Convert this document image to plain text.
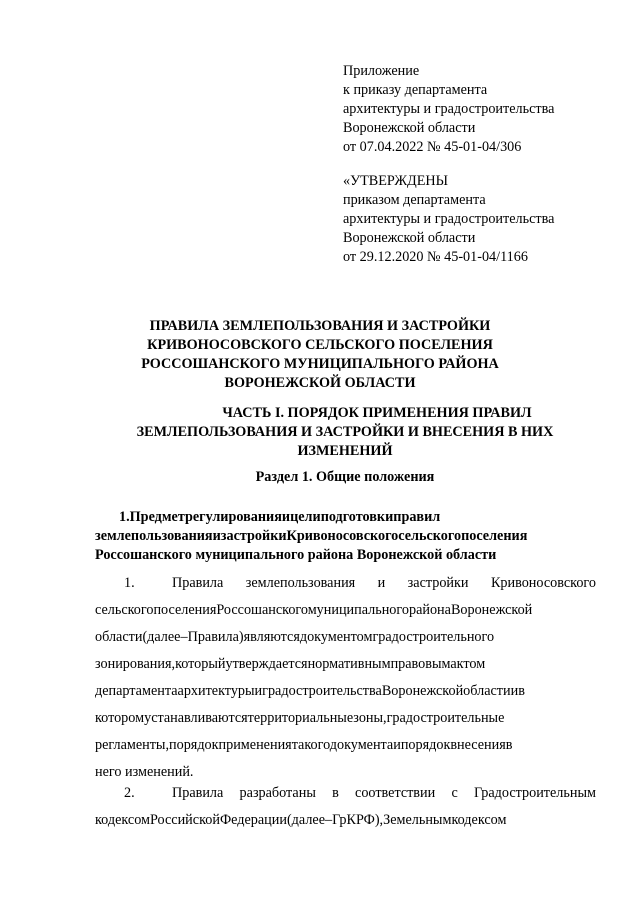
Приложение
к приказу департамента
архитектуры и градостроительства
Воронежской области
от 07.04.2022 № 45-01-04/306
«УТВЕРЖДЕНЫ
приказом департамента
архитектуры и градостроительства
Воронежской области
от 29.12.2020 № 45-01-04/1166
ПРАВИЛА ЗЕМЛЕПОЛЬЗОВАНИЯ И ЗАСТРОЙКИ
КРИВОНОСОВСКОГО СЕЛЬСКОГО ПОСЕЛЕНИЯ
РОССОШАНСКОГО МУНИЦИПАЛЬНОГО РАЙОНА
ВОРОНЕЖСКОЙ ОБЛАСТИ
ЧАСТЬ I. ПОРЯДОК ПРИМЕНЕНИЯ ПРАВИЛ
ЗЕМЛЕПОЛЬЗОВАНИЯ И ЗАСТРОЙКИ И ВНЕСЕНИЯ В НИХ
ИЗМЕНЕНИЙ
Раздел 1. Общие положения
1.Предметрегулированияицелиподготовкиправил
землепользованияизастройкиКривоносовскогосельскогопоселения
Россошанского муниципального района Воронежской области
1.	Правила землепользования и застройки Кривоносовского
сельскогопоселенияРоссошанскогомуниципальногорайонаВоронежской
области(далее–Правила)являютсядокументомградостроительного
зонирования,которыйутверждаетсянормативнымправовымактом
департаментаархитектурыиградостроительстваВоронежскойобластиив
которомустанавливаютсятерриториальныезоны,градостроительные
регламенты,порядокприменениятакогодокументаипорядоквнесенияв
него изменений.
2.	Правила разработаны в соответствии с Градостроительным
кодексомРоссийскойФедерации(далее–ГрКРФ),Земельнымкодексом
